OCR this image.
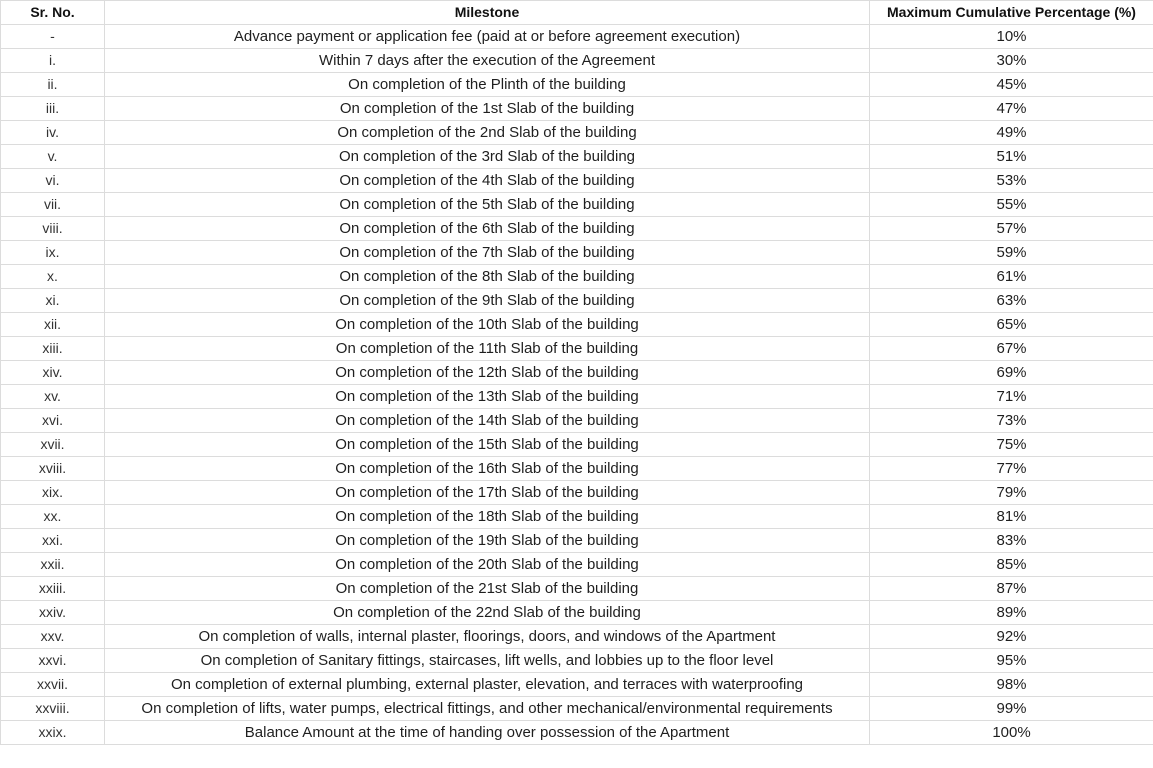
Sr. No.	Milestone	Maximum Cumulative Percentage (%)
-	Advance payment or application fee (paid at or before agreement execution)	10%
i.	Within 7 days after the execution of the Agreement	30%
ii.	On completion of the Plinth of the building	45%
iii.	On completion of the 1st Slab of the building	47%
iv.	On completion of the 2nd Slab of the building	49%
v.	On completion of the 3rd Slab of the building	51%
vi.	On completion of the 4th Slab of the building	53%
vii.	On completion of the 5th Slab of the building	55%
viii.	On completion of the 6th Slab of the building	57%
ix.	On completion of the 7th Slab of the building	59%
x.	On completion of the 8th Slab of the building	61%
xi.	On completion of the 9th Slab of the building	63%
xii.	On completion of the 10th Slab of the building	65%
xiii.	On completion of the 11th Slab of the building	67%
xiv.	On completion of the 12th Slab of the building	69%
xv.	On completion of the 13th Slab of the building	71%
xvi.	On completion of the 14th Slab of the building	73%
xvii.	On completion of the 15th Slab of the building	75%
xviii.	On completion of the 16th Slab of the building	77%
xix.	On completion of the 17th Slab of the building	79%
xx.	On completion of the 18th Slab of the building	81%
xxi.	On completion of the 19th Slab of the building	83%
xxii.	On completion of the 20th Slab of the building	85%
xxiii.	On completion of the 21st Slab of the building	87%
xxiv.	On completion of the 22nd Slab of the building	89%
xxv.	On completion of walls, internal plaster, floorings, doors, and windows of the Apartment	92%
xxvi.	On completion of Sanitary fittings, staircases, lift wells, and lobbies up to the floor level	95%
xxvii.	On completion of external plumbing, external plaster, elevation, and terraces with waterproofing	98%
xxviii.	On completion of lifts, water pumps, electrical fittings, and other mechanical/environmental requirements	99%
xxix.	Balance Amount at the time of handing over possession of the Apartment	100%
